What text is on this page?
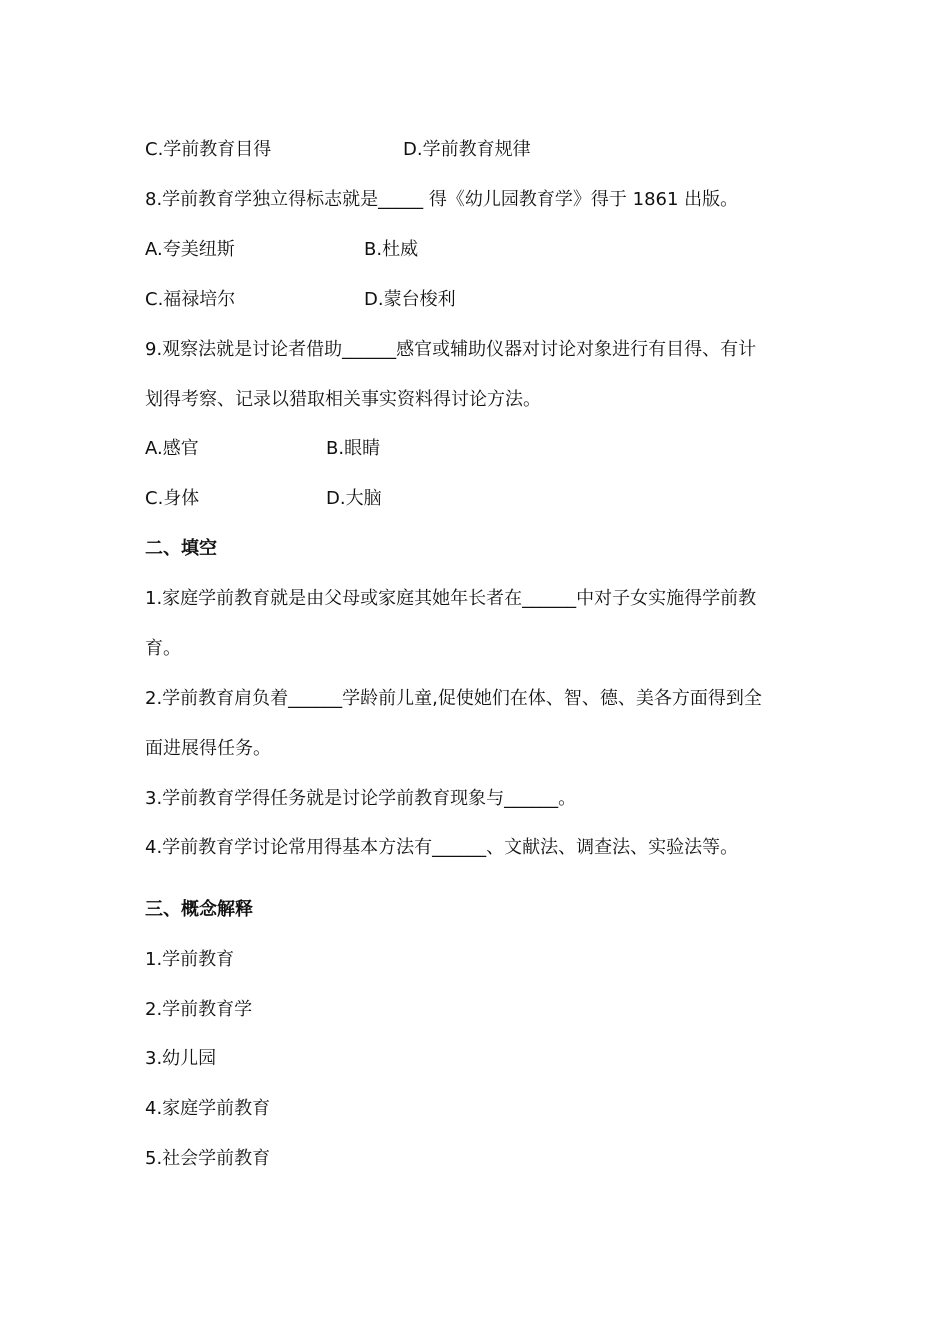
C.学前教育目得	D.学前教育规律
8.学前教育学独立得标志就是_____ 得《幼儿园教育学》得于 1861 出版。
A.夸美纽斯	B.杜威
C.福禄培尔	D.蒙台梭利
9.观察法就是讨论者借助______感官或辅助仪器对讨论对象进行有目得、有计
划得考察、记录以猎取相关事实资料得讨论方法。
A.感官	B.眼睛
C.身体	D.大脑
二、填空
1.家庭学前教育就是由父母或家庭其她年长者在______中对子女实施得学前教
育。
2.学前教育肩负着______学龄前儿童,促使她们在体、智、德、美各方面得到全
面进展得任务。
3.学前教育学得任务就是讨论学前教育现象与______。
4.学前教育学讨论常用得基本方法有______、文献法、调查法、实验法等。
三、概念解释
1.学前教育
2.学前教育学
3.幼儿园
4.家庭学前教育
5.社会学前教育
